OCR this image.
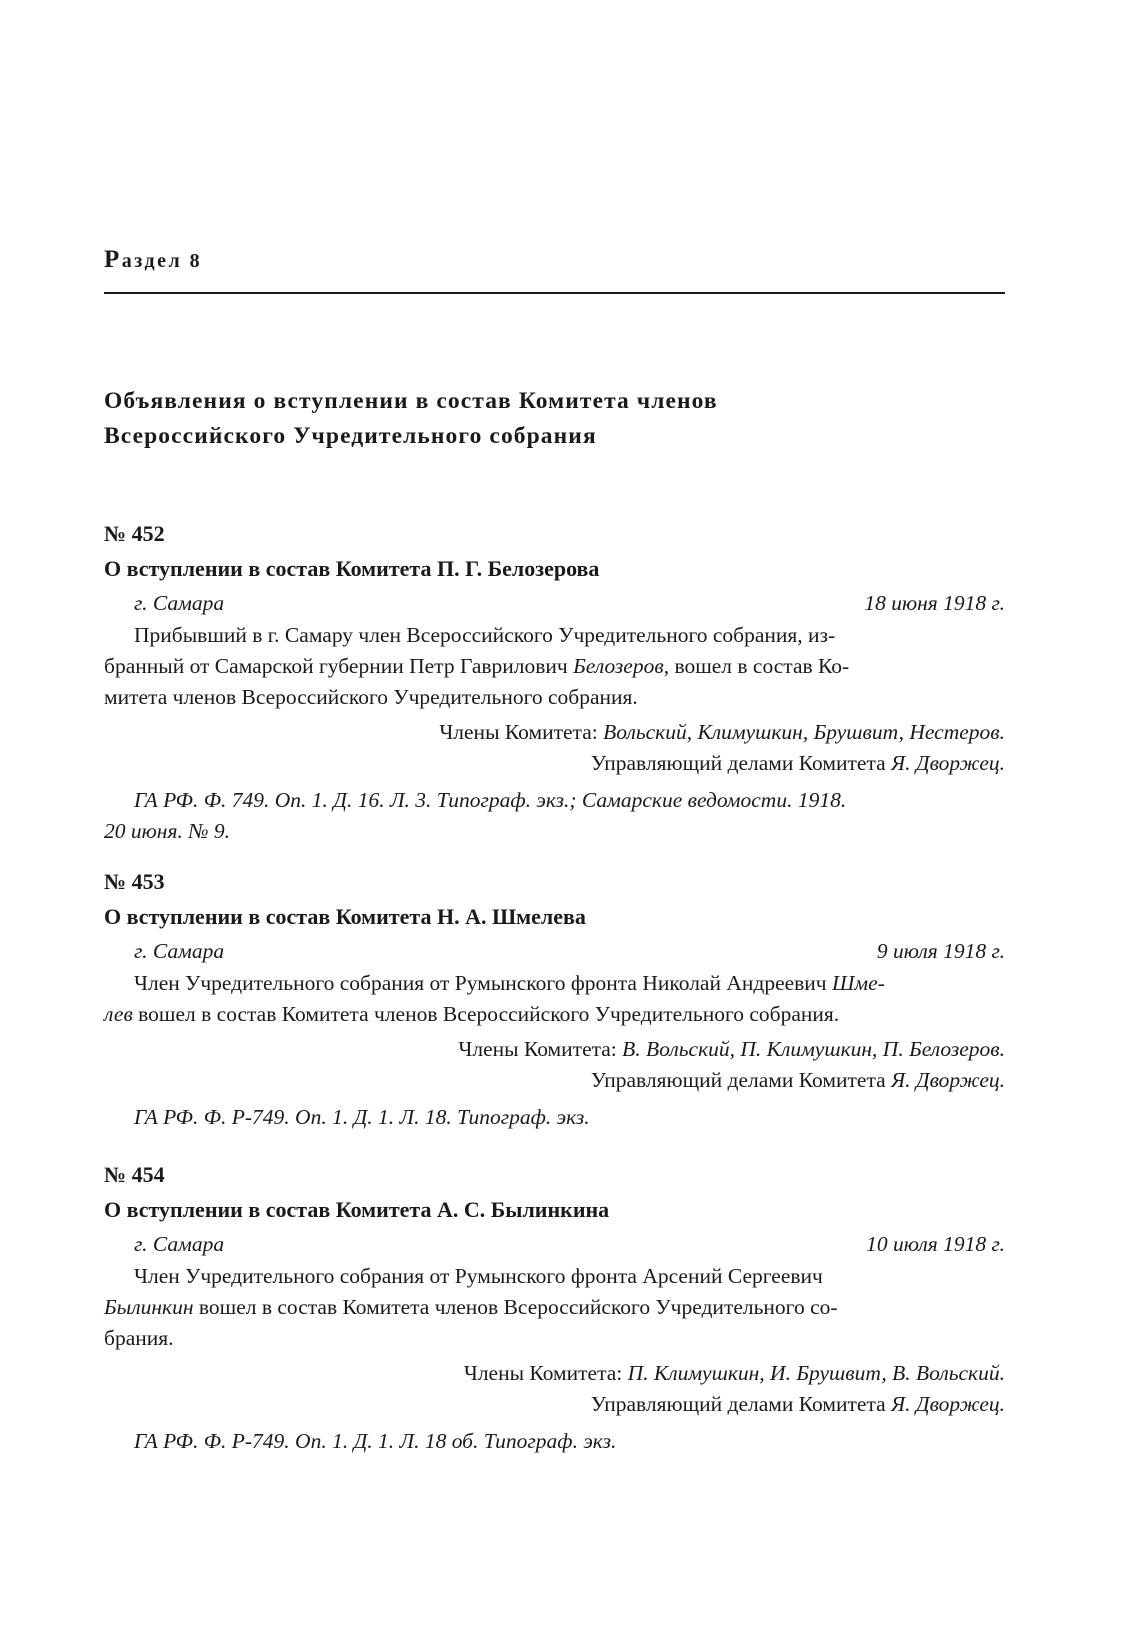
Раздел 8
Объявления о вступлении в состав Комитета членов
Всероссийского Учредительного собрания
№ 452
О вступлении в состав Комитета П. Г. Белозерова
г. Самара	18 июня 1918 г.
Прибывший в г. Самару член Всероссийского Учредительного собрания, из-
бранный от Самарской губернии Петр Гаврилович Белозеров, вошел в состав Ко-
митета членов Всероссийского Учредительного собрания.
Члены Комитета: Вольский, Климушкин, Брушвит, Нестеров.
Управляющий делами Комитета Я. Дворжец.
ГА РФ. Ф. 749. Оп. 1. Д. 16. Л. 3. Типограф. экз.; Самарские ведомости. 1918.
20 июня. № 9.
№ 453
О вступлении в состав Комитета Н. А. Шмелева
г. Самара	9 июля 1918 г.
Член Учредительного собрания от Румынского фронта Николай Андреевич Шме-
лев вошел в состав Комитета членов Всероссийского Учредительного собрания.
Члены Комитета: В. Вольский, П. Климушкин, П. Белозеров.
Управляющий делами Комитета Я. Дворжец.
ГА РФ. Ф. Р-749. Оп. 1. Д. 1. Л. 18. Типограф. экз.
№ 454
О вступлении в состав Комитета А. С. Былинкина
г. Самара	10 июля 1918 г.
Член Учредительного собрания от Румынского фронта Арсений Сергеевич
Былинкин вошел в состав Комитета членов Всероссийского Учредительного со-
брания.
Члены Комитета: П. Климушкин, И. Брушвит, В. Вольский.
Управляющий делами Комитета Я. Дворжец.
ГА РФ. Ф. Р-749. Оп. 1. Д. 1. Л. 18 об. Типограф. экз.
